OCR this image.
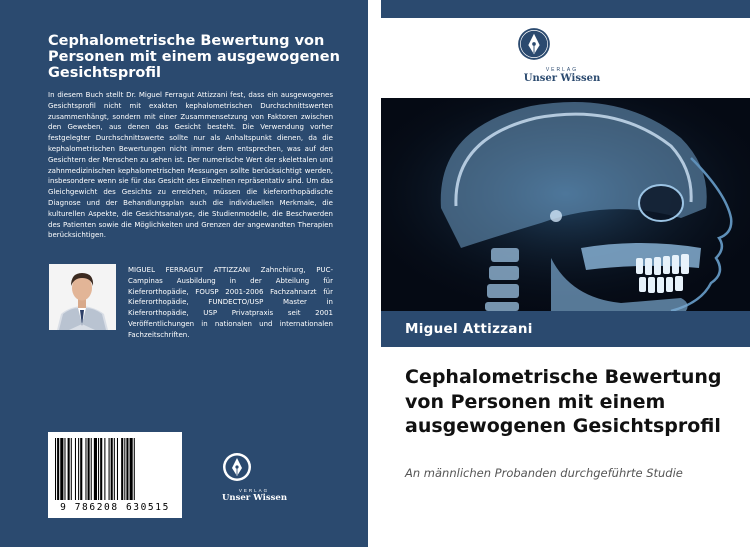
Cephalometrische Bewertung von Personen mit einem ausgewogenen Gesichtsprofil
In diesem Buch stellt Dr. Miguel Ferragut Attizzani fest, dass ein ausgewogenes Gesichtsprofil nicht mit exakten kephalometrischen Durchschnittswerten zusammenhängt, sondern mit einer Zusammensetzung von Faktoren zwischen den Geweben, aus denen das Gesicht besteht. Die Verwendung vorher festgelegter Durchschnittswerte sollte nur als Anhaltspunkt dienen, da die kephalometrischen Bewertungen nicht immer dem entsprechen, was auf den Gesichtern der Menschen zu sehen ist. Der numerische Wert der skelettalen und zahnmedizinischen kephalometrischen Messungen sollte berücksichtigt werden, insbesondere wenn sie für das Gesicht des Einzelnen repräsentativ sind. Um das Gleichgewicht des Gesichts zu erreichen, müssen die kieferorthopädische Diagnose und der Behandlungsplan auch die individuellen Merkmale, die kulturellen Aspekte, die Gesichtsanalyse, die Studienmodelle, die Beschwerden des Patienten sowie die Möglichkeiten und Grenzen der angewandten Therapien berücksichtigen.
MIGUEL FERRAGUT ATTIZZANI Zahnchirurg, PUC-Campinas Ausbildung in der Abteilung für Kieferorthopädie, FOUSP 2001-2006 Fachzahnarzt für Kieferorthopädie, FUNDECTO/USP Master in Kieferorthopädie, USP Privatpraxis seit 2001 Veröffentlichungen in nationalen und internationalen Fachzeitschriften.
9 786208 630515
VERLAG
Unser Wissen
VERLAG
Unser Wissen
Miguel Attizzani
Cephalometrische Bewertung von Personen mit einem ausgewogenen Gesichtsprofil
An männlichen Probanden durchgeführte Studie
